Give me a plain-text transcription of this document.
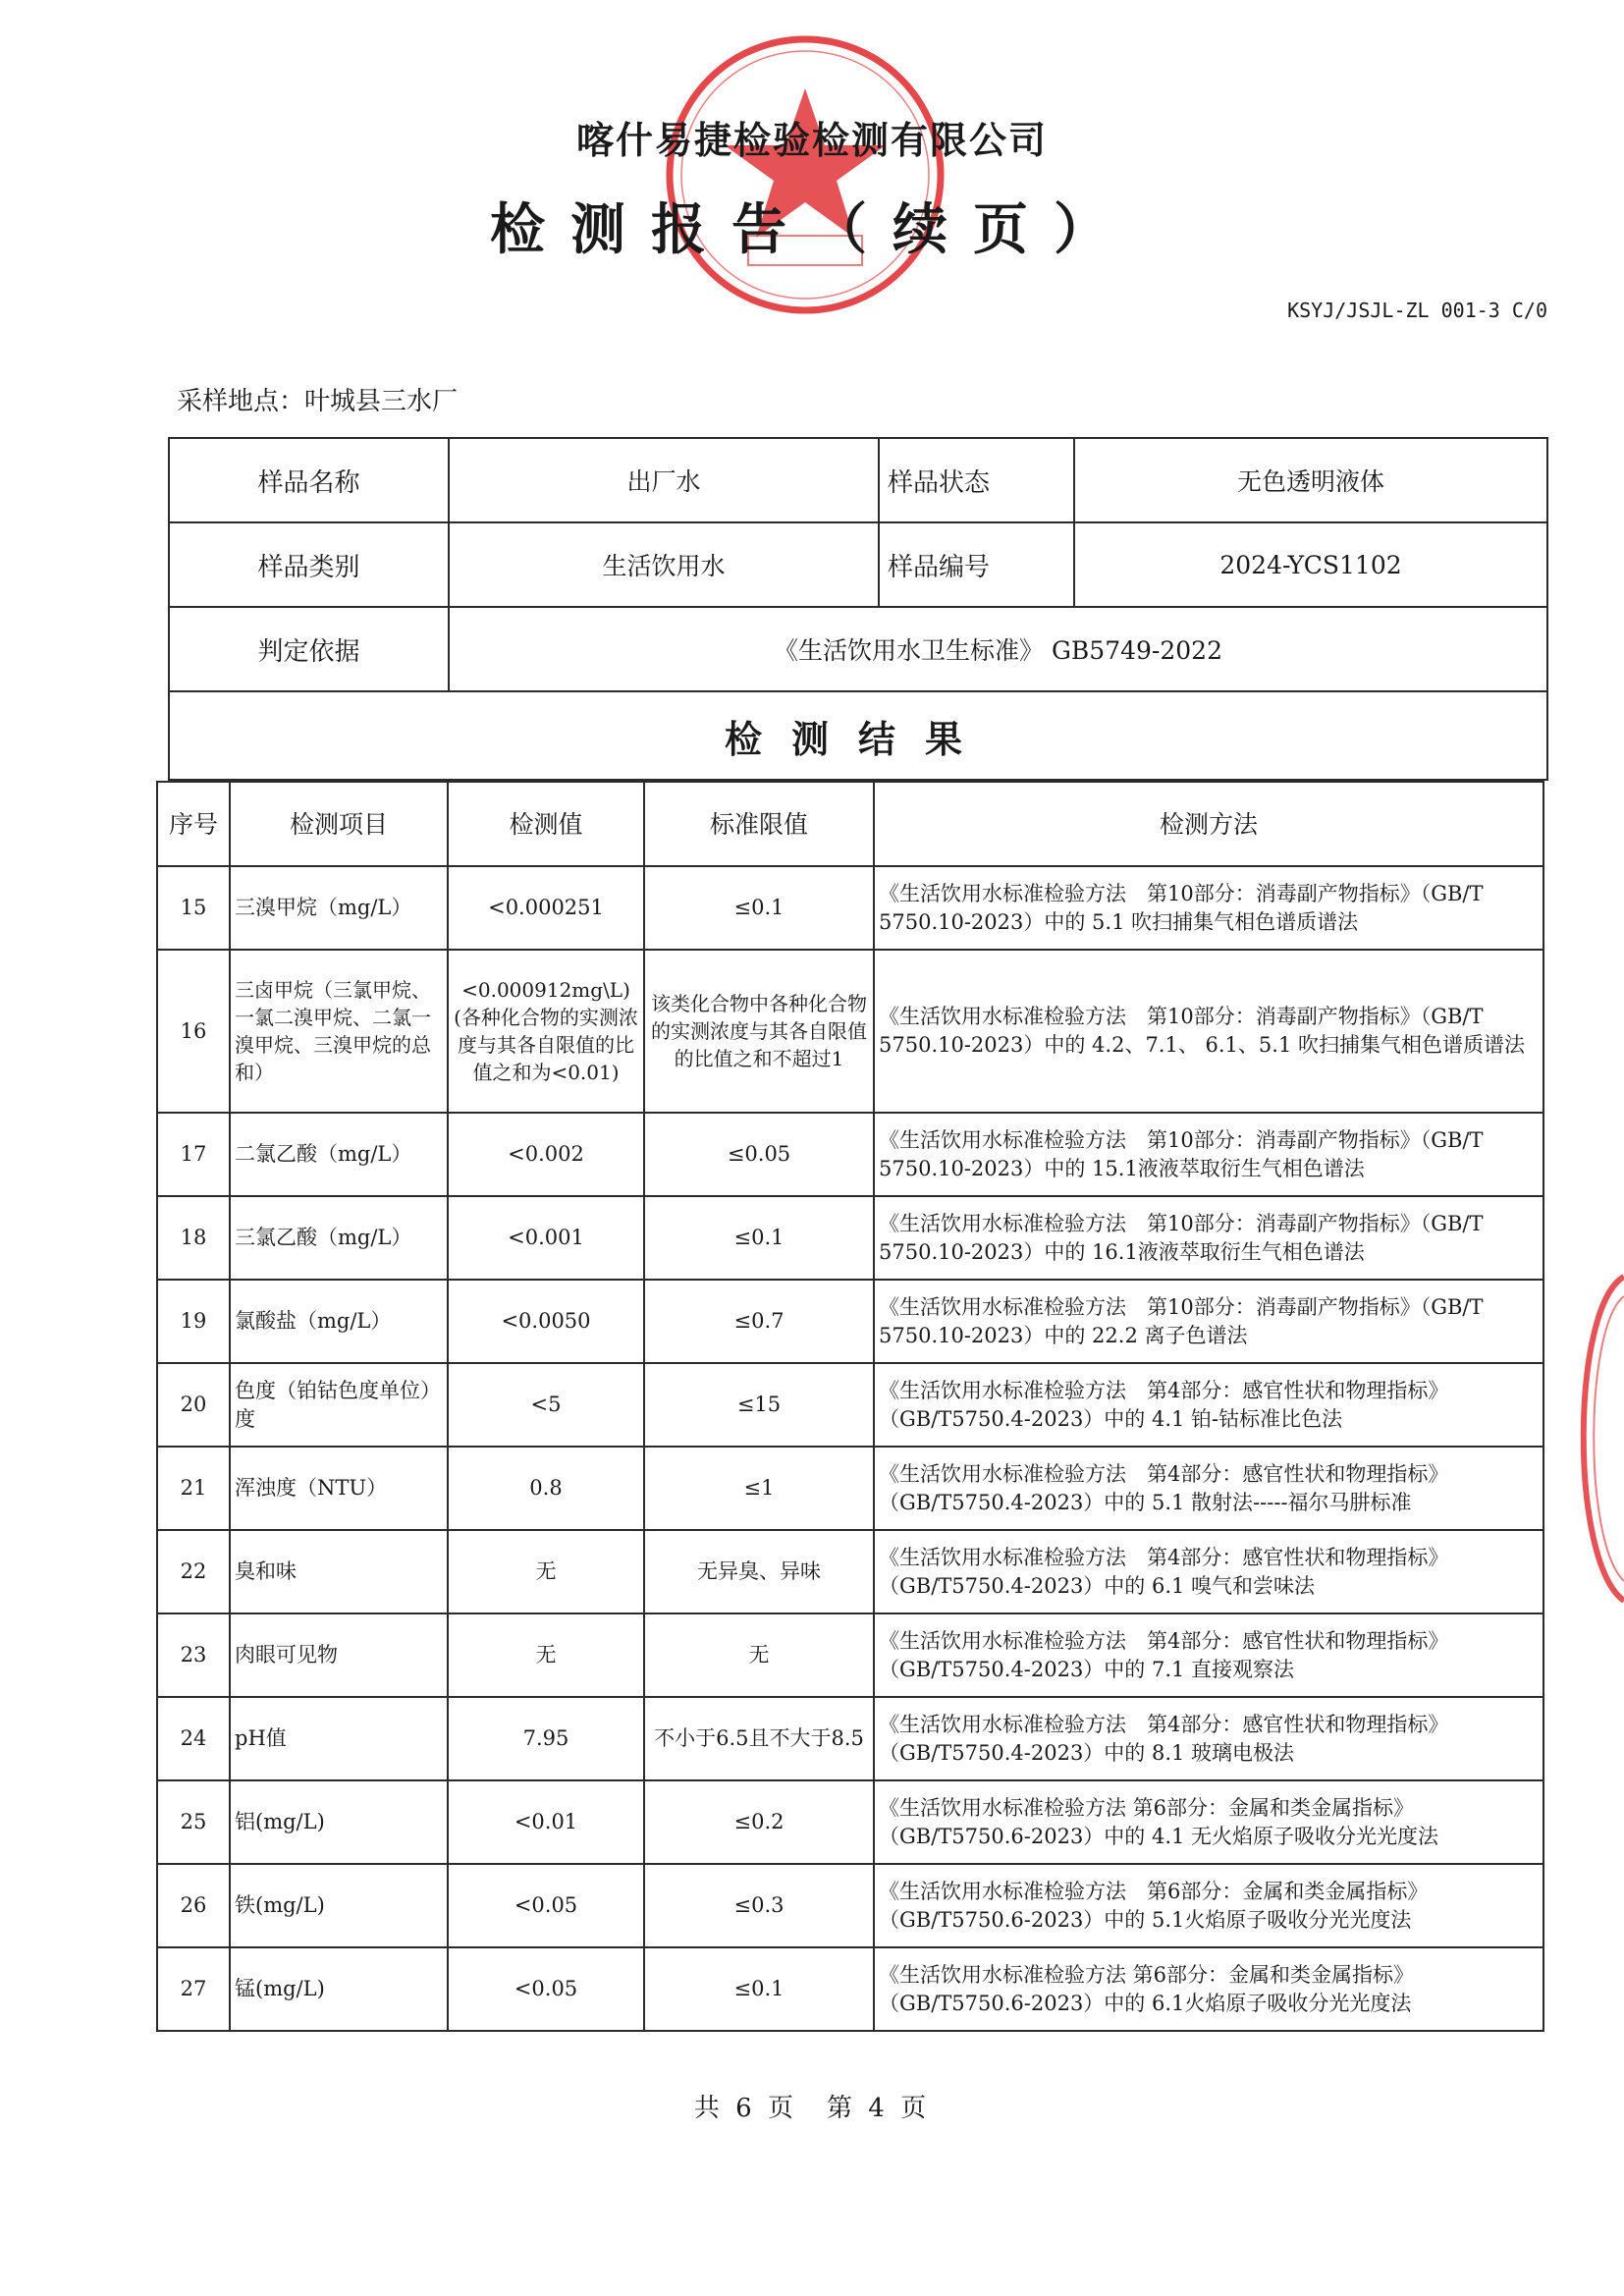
喀什易捷检验检测有限公司
检测报告（续页）
KSYJ/JSJL-ZL 001-3 C/0
采样地点：叶城县三水厂
样品名称	出厂水	样品状态	无色透明液体
样品类别	生活饮用水	样品编号	2024-YCS1102
判定依据	《生活饮用水卫生标准》 GB5749-2022		
检测结果			
序号	检测项目	检测值	标准限值	检测方法
15	三溴甲烷（mg/L）	<0.000251	≤0.1	《生活饮用水标准检验方法　第10部分：消毒副产物指标》（GB/T 5750.10-2023）中的 5.1 吹扫捕集气相色谱质谱法
16	三卤甲烷（三氯甲烷、一氯二溴甲烷、二氯一溴甲烷、三溴甲烷的总和）	<0.000912mg\L)(各种化合物的实测浓度与其各自限值的比值之和为<0.01)	该类化合物中各种化合物的实测浓度与其各自限值的比值之和不超过1	《生活饮用水标准检验方法　第10部分：消毒副产物指标》（GB/T 5750.10-2023）中的 4.2、7.1、 6.1、5.1 吹扫捕集气相色谱质谱法
17	二氯乙酸（mg/L）	<0.002	≤0.05	《生活饮用水标准检验方法　第10部分：消毒副产物指标》（GB/T 5750.10-2023）中的 15.1液液萃取衍生气相色谱法
18	三氯乙酸（mg/L）	<0.001	≤0.1	《生活饮用水标准检验方法　第10部分：消毒副产物指标》（GB/T 5750.10-2023）中的 16.1液液萃取衍生气相色谱法
19	氯酸盐（mg/L）	<0.0050	≤0.7	《生活饮用水标准检验方法　第10部分：消毒副产物指标》（GB/T 5750.10-2023）中的 22.2 离子色谱法
20	色度（铂钴色度单位）度	<5	≤15	《生活饮用水标准检验方法　第4部分：感官性状和物理指标》（GB/T5750.4-2023）中的 4.1 铂-钴标准比色法
21	浑浊度（NTU）	0.8	≤1	《生活饮用水标准检验方法　第4部分：感官性状和物理指标》（GB/T5750.4-2023）中的 5.1 散射法-----福尔马肼标准
22	臭和味	无	无异臭、异味	《生活饮用水标准检验方法　第4部分：感官性状和物理指标》（GB/T5750.4-2023）中的 6.1 嗅气和尝味法
23	肉眼可见物	无	无	《生活饮用水标准检验方法　第4部分：感官性状和物理指标》（GB/T5750.4-2023）中的 7.1 直接观察法
24	pH值	7.95	不小于6.5且不大于8.5	《生活饮用水标准检验方法　第4部分：感官性状和物理指标》（GB/T5750.4-2023）中的 8.1 玻璃电极法
25	铝(mg/L)	<0.01	≤0.2	《生活饮用水标准检验方法 第6部分：金属和类金属指标》（GB/T5750.6-2023）中的 4.1 无火焰原子吸收分光光度法
26	铁(mg/L)	<0.05	≤0.3	《生活饮用水标准检验方法　第6部分：金属和类金属指标》（GB/T5750.6-2023）中的 5.1火焰原子吸收分光光度法
27	锰(mg/L)	<0.05	≤0.1	《生活饮用水标准检验方法 第6部分：金属和类金属指标》（GB/T5750.6-2023）中的 6.1火焰原子吸收分光光度法
共 6 页　第 4 页
